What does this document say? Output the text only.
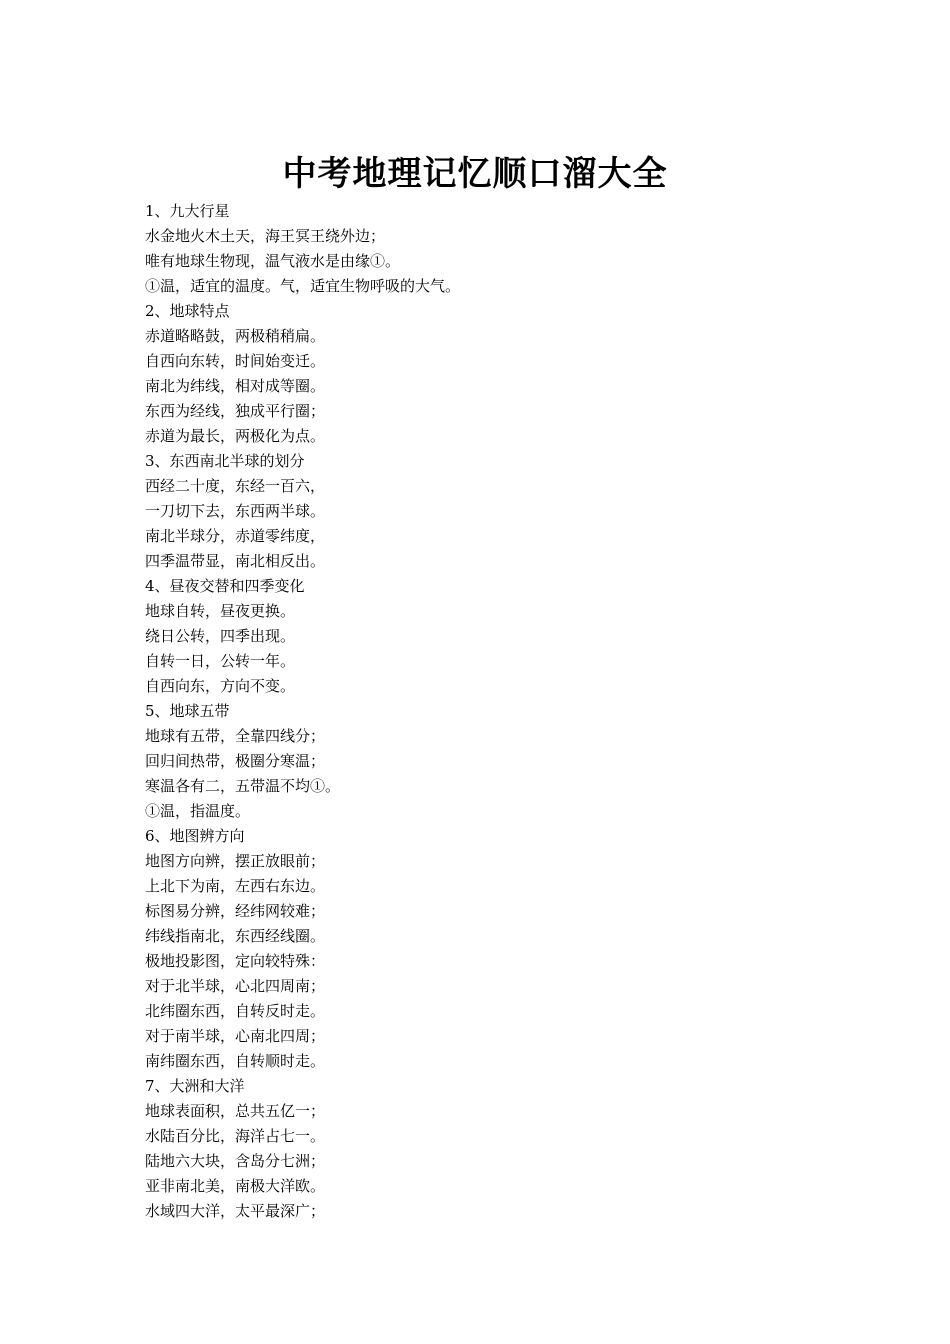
中考地理记忆顺口溜大全
1、九大行星
水金地火木土天，海王冥王绕外边；
唯有地球生物现，温气液水是由缘①。
①温，适宜的温度。气，适宜生物呼吸的大气。
2、地球特点
赤道略略鼓，两极稍稍扁。
自西向东转，时间始变迁。
南北为纬线，相对成等圈。
东西为经线，独成平行圈；
赤道为最长，两极化为点。
3、东西南北半球的划分
西经二十度，东经一百六，
一刀切下去，东西两半球。
南北半球分，赤道零纬度，
四季温带显，南北相反出。
4、昼夜交替和四季变化
地球自转，昼夜更换。
绕日公转，四季出现。
自转一日，公转一年。
自西向东，方向不变。
5、地球五带
地球有五带，全靠四线分；
回归间热带，极圈分寒温；
寒温各有二，五带温不均①。
①温，指温度。
6、地图辨方向
地图方向辨，摆正放眼前；
上北下为南，左西右东边。
标图易分辨，经纬网较难；
纬线指南北，东西经线圈。
极地投影图，定向较特殊：
对于北半球，心北四周南；
北纬圈东西，自转反时走。
对于南半球，心南北四周；
南纬圈东西，自转顺时走。
7、大洲和大洋
地球表面积，总共五亿一；
水陆百分比，海洋占七一。
陆地六大块，含岛分七洲；
亚非南北美，南极大洋欧。
水域四大洋，太平最深广；
